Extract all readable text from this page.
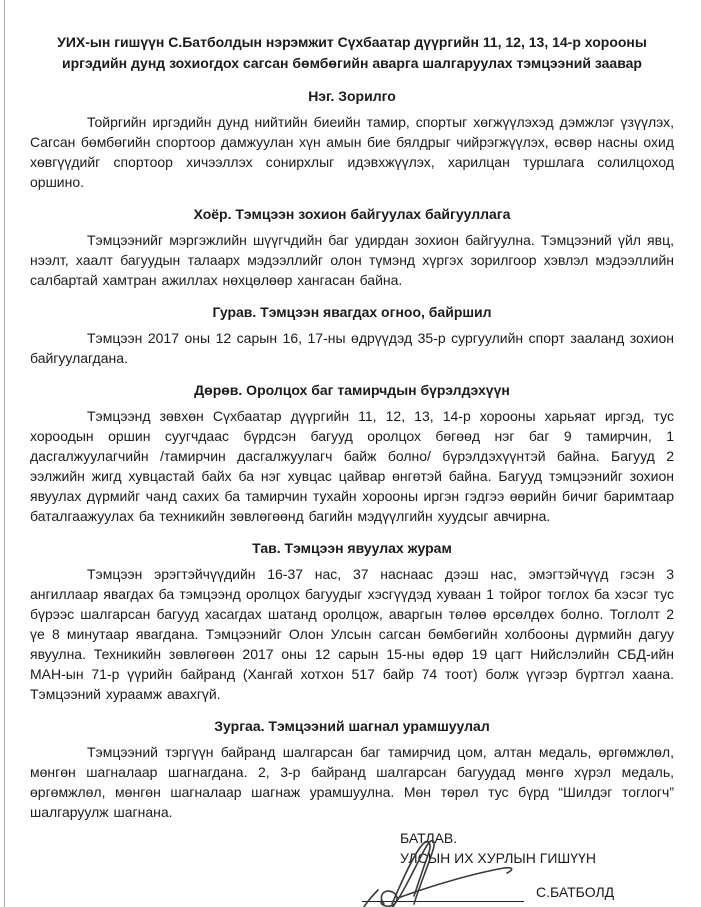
УИХ-ын гишүүн С.Батболдын нэрэмжит Сүхбаатар дүүргийн 11, 12, 13, 14-р хорооны иргэдийн дунд зохиогдох сагсан бөмбөгийн аварга шалгаруулах тэмцээний заавар
Нэг. Зорилго

Тойргийн иргэдийн дунд нийтийн биеийн тамир, спортыг хөгжүүлэхэд дэмжлэг үзүүлэх, Сагсан бөмбөгийн спортоор дамжуулан хүн амын бие бялдрыг чийрэгжүүлэх, өсвөр насны охид хөвгүүдийг спортоор хичээллэх сонирхлыг идэвхжүүлэх, харилцан туршлага солилцоход оршино.

Хоёр. Тэмцээн зохион байгуулах байгууллага

Тэмцээнийг мэргэжлийн шүүгчдийн баг удирдан зохион байгуулна. Тэмцээний үйл явц, нээлт, хаалт багуудын талаарх мэдээллийг олон түмэнд хүргэх зорилгоор хэвлэл мэдээллийн салбартай хамтран ажиллах нөхцөлөөр хангасан байна.

Гурав. Тэмцээн явагдах огноо, байршил

Тэмцээн 2017 оны 12 сарын 16, 17-ны өдрүүдэд 35-р сургуулийн спорт зааланд зохион байгуулагдана.

Дөрөв. Оролцох баг тамирчдын бүрэлдэхүүн

Тэмцээнд зөвхөн Сүхбаатар дүүргийн 11, 12, 13, 14-р хорооны харьяат иргэд, тус хороодын оршин суугчдаас бүрдсэн багууд оролцох бөгөөд нэг баг 9 тамирчин, 1 дасгалжуулагчийн /тамирчин дасгалжуулагч байж болно/ бүрэлдэхүүнтэй байна. Багууд 2 ээлжийн жигд хувцастай байх ба нэг хувцас цайвар өнгөтэй байна. Багууд тэмцээнийг зохион явуулах дүрмийг чанд сахих ба тамирчин тухайн хорооны иргэн гэдгээ өөрийн бичиг баримтаар баталгаажуулах ба техникийн зөвлөгөөнд багийн мэдүүлгийн хуудсыг авчирна.

Тав. Тэмцээн явуулах журам

Тэмцээн эрэгтэйчүүдийн 16-37 нас, 37 наснаас дээш нас, эмэгтэйчүүд гэсэн 3 ангиллаар явагдах ба тэмцээнд оролцох багуудыг хэсгүүдэд хуваан 1 тойрог тоглох ба хэсэг тус бүрээс шалгарсан багууд хасагдах шатанд оролцож, аваргын төлөө өрсөлдөх болно. Тоглолт 2 үе 8 минутаар явагдана. Тэмцээнийг Олон Улсын сагсан бөмбөгийн холбооны дүрмийн дагуу явуулна. Техникийн зөвлөгөөн 2017 оны 12 сарын 15-ны өдөр 19 цагт Нийслэлийн СБД-ийн МАН-ын 71-р үүрийн байранд (Хангай хотхон 517 байр 74 тоот) болж үүгээр бүртгэл хаана. Тэмцээний хураамж авахгүй.

Зургаа. Тэмцээний шагнал урамшуулал

Тэмцээний тэргүүн байранд шалгарсан баг тамирчид цом, алтан медаль, өргөмжлөл, мөнгөн шагналаар шагнагдана. 2, 3-р байранд шалгарсан багуудад мөнгө хүрэл медаль, өргөмжлөл, мөнгөн шагналаар шагнаж урамшуулна. Мөн төрөл тус бүрд “Шилдэг тоглогч” шалгаруулж шагнана.

БАТЛАВ.
УЛСЫН ИХ ХУРЛЫН ГИШҮҮН
С.БАТБОЛД
